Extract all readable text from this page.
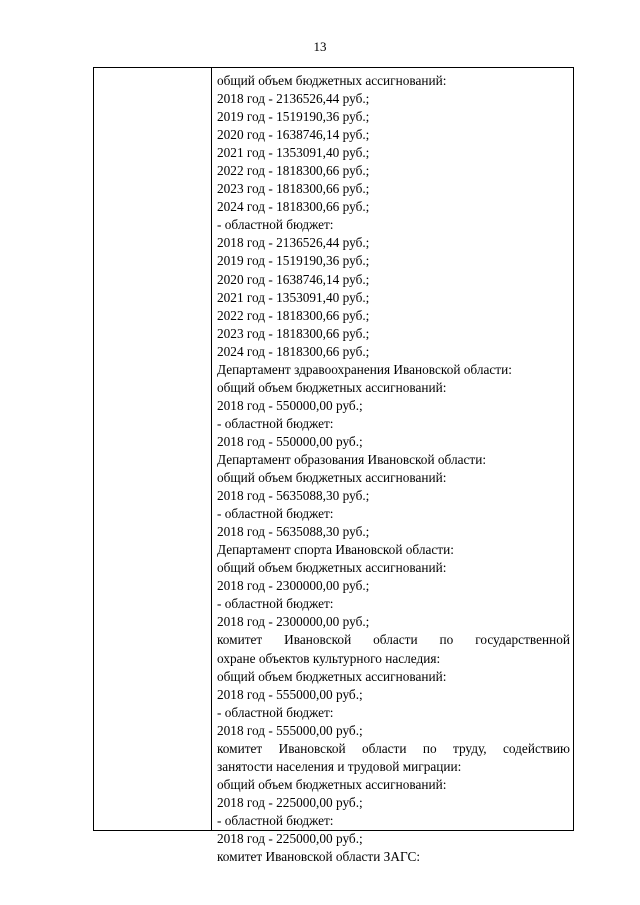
13
общий объем бюджетных ассигнований:
2018 год - 2136526,44 руб.;
2019 год - 1519190,36 руб.;
2020 год - 1638746,14 руб.;
2021 год - 1353091,40 руб.;
2022 год - 1818300,66 руб.;
2023 год - 1818300,66 руб.;
2024 год - 1818300,66 руб.;
- областной бюджет:
2018 год - 2136526,44 руб.;
2019 год - 1519190,36 руб.;
2020 год - 1638746,14 руб.;
2021 год - 1353091,40 руб.;
2022 год - 1818300,66 руб.;
2023 год - 1818300,66 руб.;
2024 год - 1818300,66 руб.;
Департамент здравоохранения Ивановской области:
общий объем бюджетных ассигнований:
2018 год - 550000,00 руб.;
- областной бюджет:
2018 год - 550000,00 руб.;
Департамент образования Ивановской области:
общий объем бюджетных ассигнований:
2018 год - 5635088,30 руб.;
- областной бюджет:
2018 год - 5635088,30 руб.;
Департамент спорта Ивановской области:
общий объем бюджетных ассигнований:
2018 год - 2300000,00 руб.;
- областной бюджет:
2018 год - 2300000,00 руб.;
комитет Ивановской области по государственной
охране объектов культурного наследия:
общий объем бюджетных ассигнований:
2018 год - 555000,00 руб.;
- областной бюджет:
2018 год - 555000,00 руб.;
комитет Ивановской области по труду, содействию
занятости населения и трудовой миграции:
общий объем бюджетных ассигнований:
2018 год - 225000,00 руб.;
- областной бюджет:
2018 год - 225000,00 руб.;
комитет Ивановской области ЗАГС:
